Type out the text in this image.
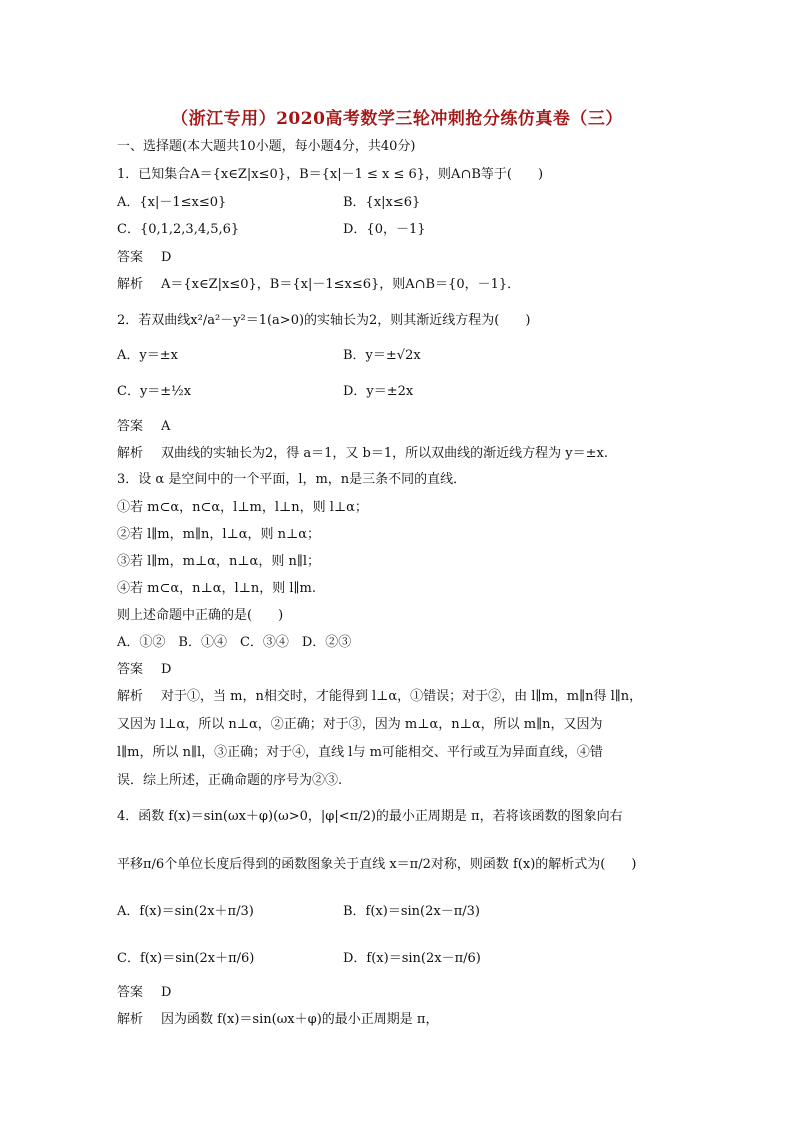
（浙江专用）2020高考数学三轮冲刺抢分练仿真卷（三）
一、选择题(本大题共10小题，每小题4分，共40分)
1．已知集合A＝{x∈Z|x≤0}，B＝{x|－1 ≤ x ≤ 6}，则A∩B等于(　　)
A．{x|－1≤x≤0}	B．{x|x≤6}
C．{0,1,2,3,4,5,6}	D．{0，－1}
答案 D
解析 A＝{x∈Z|x≤0}，B＝{x|－1≤x≤6}，则A∩B＝{0，－1}．
2．若双曲线x²/a²－y²＝1(a>0)的实轴长为2，则其渐近线方程为(　　)
A．y＝±x	B．y＝±√2x
C．y＝±½x	D．y＝±2x
答案 A
解析 双曲线的实轴长为2，得 a＝1，又 b＝1，所以双曲线的渐近线方程为 y＝±x.
3．设 α 是空间中的一个平面，l，m，n是三条不同的直线．
①若 m⊂α，n⊂α，l⊥m，l⊥n，则 l⊥α；
②若 l∥m，m∥n，l⊥α，则 n⊥α；
③若 l∥m，m⊥α，n⊥α，则 n∥l；
④若 m⊂α，n⊥α，l⊥n，则 l∥m.
则上述命题中正确的是(　　)
A．①②　B．①④　C．③④　D．②③
答案 D
解析 对于①，当 m，n相交时，才能得到 l⊥α，①错误；对于②，由 l∥m，m∥n得 l∥n，
又因为 l⊥α，所以 n⊥α，②正确；对于③，因为 m⊥α，n⊥α，所以 m∥n，又因为
l∥m，所以 n∥l，③正确；对于④，直线 l与 m可能相交、平行或互为异面直线，④错
误．综上所述，正确命题的序号为②③.
4．函数 f(x)＝sin(ωx＋φ)(ω>0，|φ|<π/2)的最小正周期是 π，若将该函数的图象向右
平移π/6个单位长度后得到的函数图象关于直线 x＝π/2对称，则函数 f(x)的解析式为(　　)
A．f(x)＝sin(2x＋π/3)	B．f(x)＝sin(2x－π/3)
C．f(x)＝sin(2x＋π/6)	D．f(x)＝sin(2x－π/6)
答案 D
解析 因为函数 f(x)＝sin(ωx＋φ)的最小正周期是 π，
